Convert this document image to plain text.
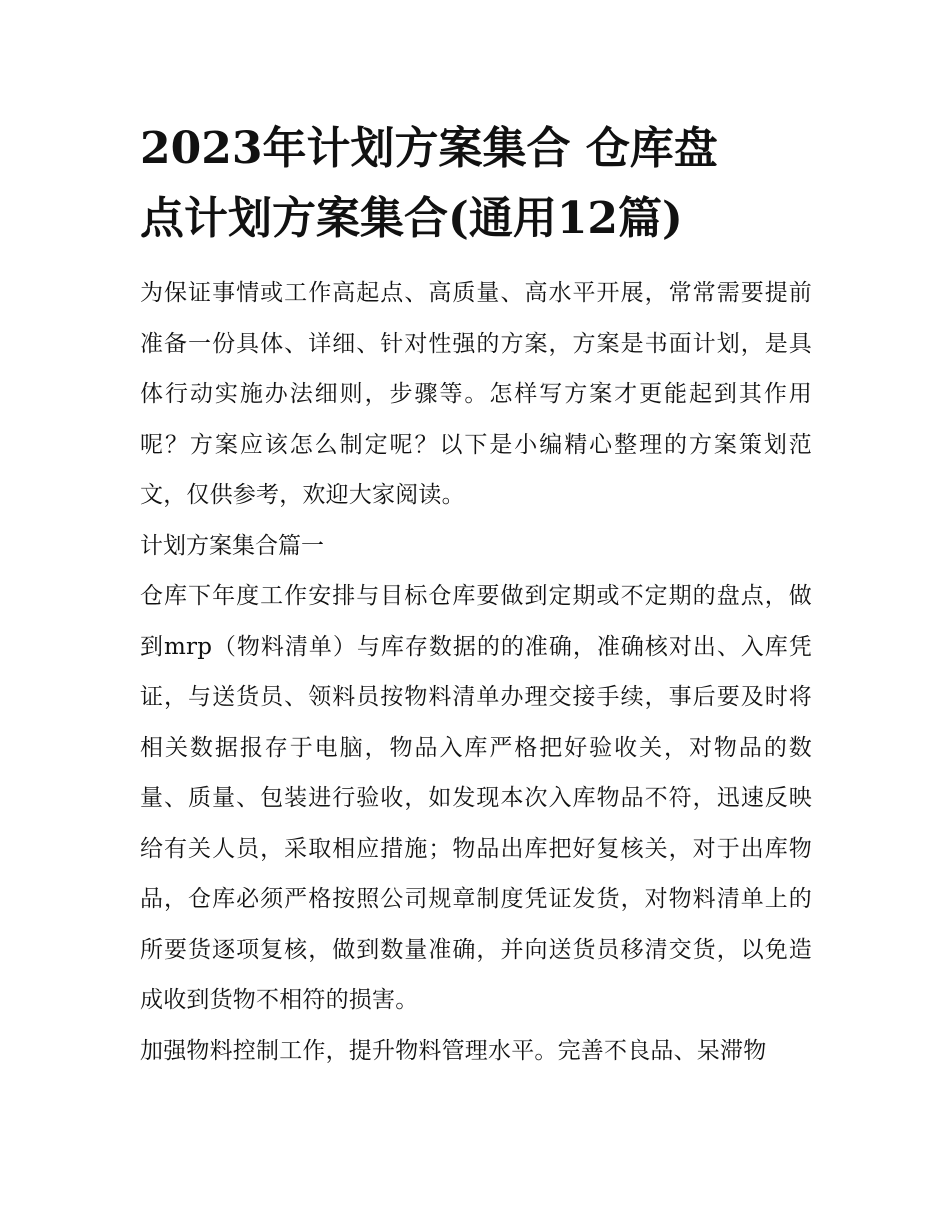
2023年计划方案集合 仓库盘
点计划方案集合(通用12篇)

为保证事情或工作高起点、高质量、高水平开展，常常需要提前准备一份具体、详细、针对性强的方案，方案是书面计划，是具体行动实施办法细则，步骤等。怎样写方案才更能起到其作用呢？方案应该怎么制定呢？以下是小编精心整理的方案策划范文，仅供参考，欢迎大家阅读。

计划方案集合篇一

仓库下年度工作安排与目标仓库要做到定期或不定期的盘点，做到mrp（物料清单）与库存数据的的准确，准确核对出、入库凭证，与送货员、领料员按物料清单办理交接手续，事后要及时将相关数据报存于电脑，物品入库严格把好验收关，对物品的数量、质量、包装进行验收，如发现本次入库物品不符，迅速反映给有关人员，采取相应措施；物品出库把好复核关，对于出库物品，仓库必须严格按照公司规章制度凭证发货，对物料清单上的所要货逐项复核，做到数量准确，并向送货员移清交货，以免造成收到货物不相符的损害。

加强物料控制工作，提升物料管理水平。完善不良品、呆滞物
